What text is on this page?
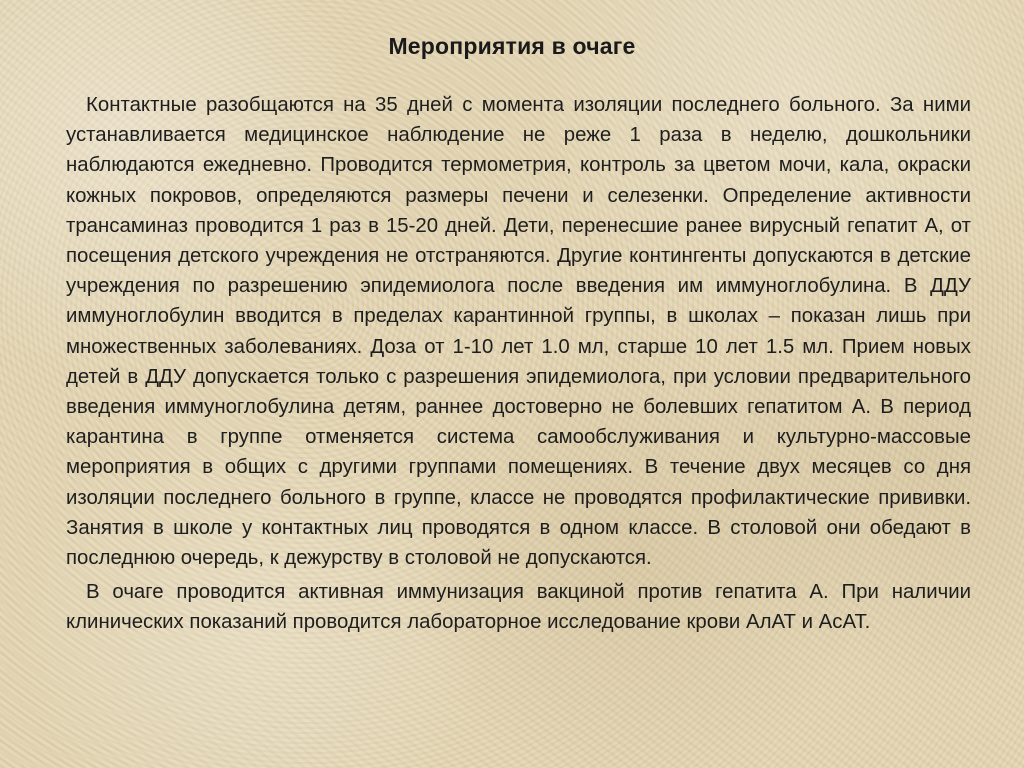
Мероприятия в очаге

Контактные разобщаются на 35 дней с момента изоляции последнего больного. За ними устанавливается медицинское наблюдение не реже 1 раза в неделю, дошкольники наблюдаются ежедневно. Проводится термометрия, контроль за цветом мочи, кала, окраски кожных покровов, определяются размеры печени и селезенки. Определение активности трансаминаз проводится 1 раз в 15-20 дней. Дети, перенесшие ранее вирусный гепатит А, от посещения детского учреждения не отстраняются. Другие контингенты допускаются в детские учреждения по разрешению эпидемиолога после введения им иммуноглобулина. В ДДУ иммуноглобулин вводится в пределах карантинной группы, в школах – показан лишь при множественных заболеваниях. Доза от 1-10 лет 1.0 мл, старше 10 лет 1.5 мл. Прием новых детей в ДДУ допускается только с разрешения эпидемиолога, при условии предварительного введения иммуноглобулина детям, раннее достоверно не болевших гепатитом А. В период карантина в группе отменяется система самообслуживания и культурно-массовые мероприятия в общих с другими группами помещениях. В течение двух месяцев со дня изоляции последнего больного в группе, классе не проводятся профилактические прививки. Занятия в школе у контактных лиц проводятся в одном классе. В столовой они обедают в последнюю очередь, к дежурству в столовой не допускаются.

В очаге проводится активная иммунизация вакциной против гепатита А. При наличии клинических показаний проводится лабораторное исследование крови АлАТ и АсАТ.
